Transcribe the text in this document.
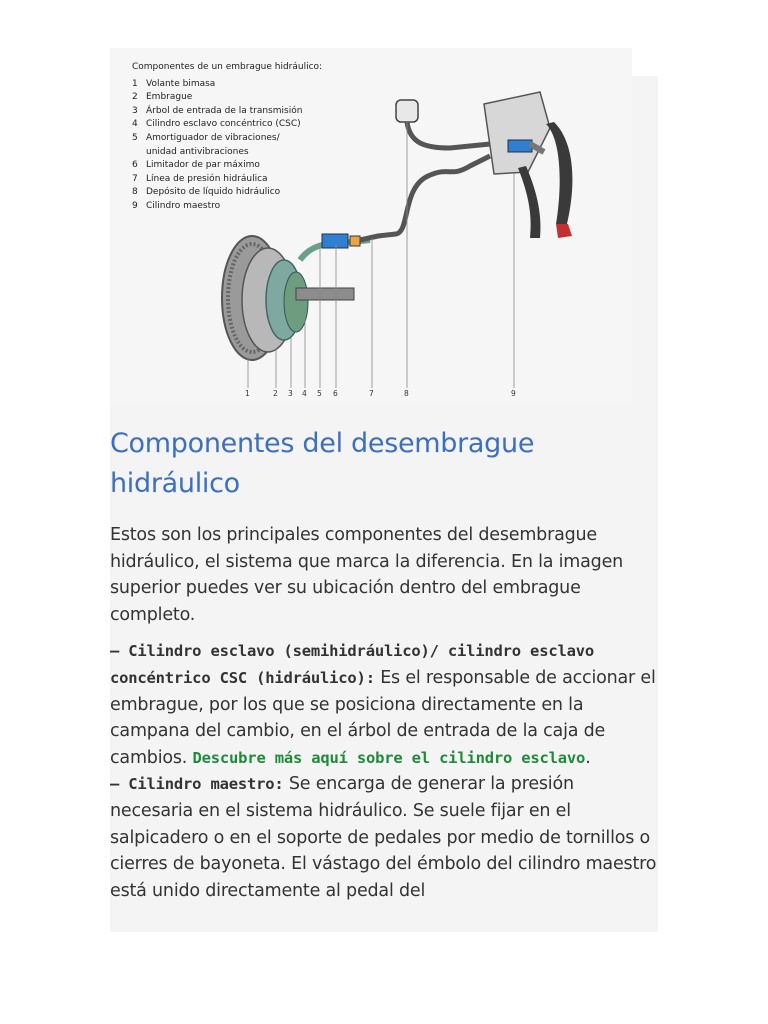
Componentes de un embrague hidráulico:
1 Volante bimasa
2 Embrague
3 Árbol de entrada de la transmisión
4 Cilindro esclavo concéntrico (CSC)
5 Amortiguador de vibraciones/ unidad antivibraciones
6 Limitador de par máximo
7 Línea de presión hidráulica
8 Depósito de líquido hidráulico
9 Cilindro maestro
1	2 3 4 5 6	7	8	9
Componentes del desembrague hidráulico

Estos son los principales componentes del desembrague hidráulico, el sistema que marca la diferencia. En la imagen superior puedes ver su ubicación dentro del embrague completo.

– Cilindro esclavo (semihidráulico)/ cilindro esclavo concéntrico CSC (hidráulico): Es el responsable de accionar el embrague, por los que se posiciona directamente en la campana del cambio, en el árbol de entrada de la caja de cambios. Descubre más aquí sobre el cilindro esclavo.

– Cilindro maestro: Se encarga de generar la presión necesaria en el sistema hidráulico. Se suele fijar en el salpicadero o en el soporte de pedales por medio de tornillos o cierres de bayoneta. El vástago del émbolo del cilindro maestro está unido directamente al pedal del
